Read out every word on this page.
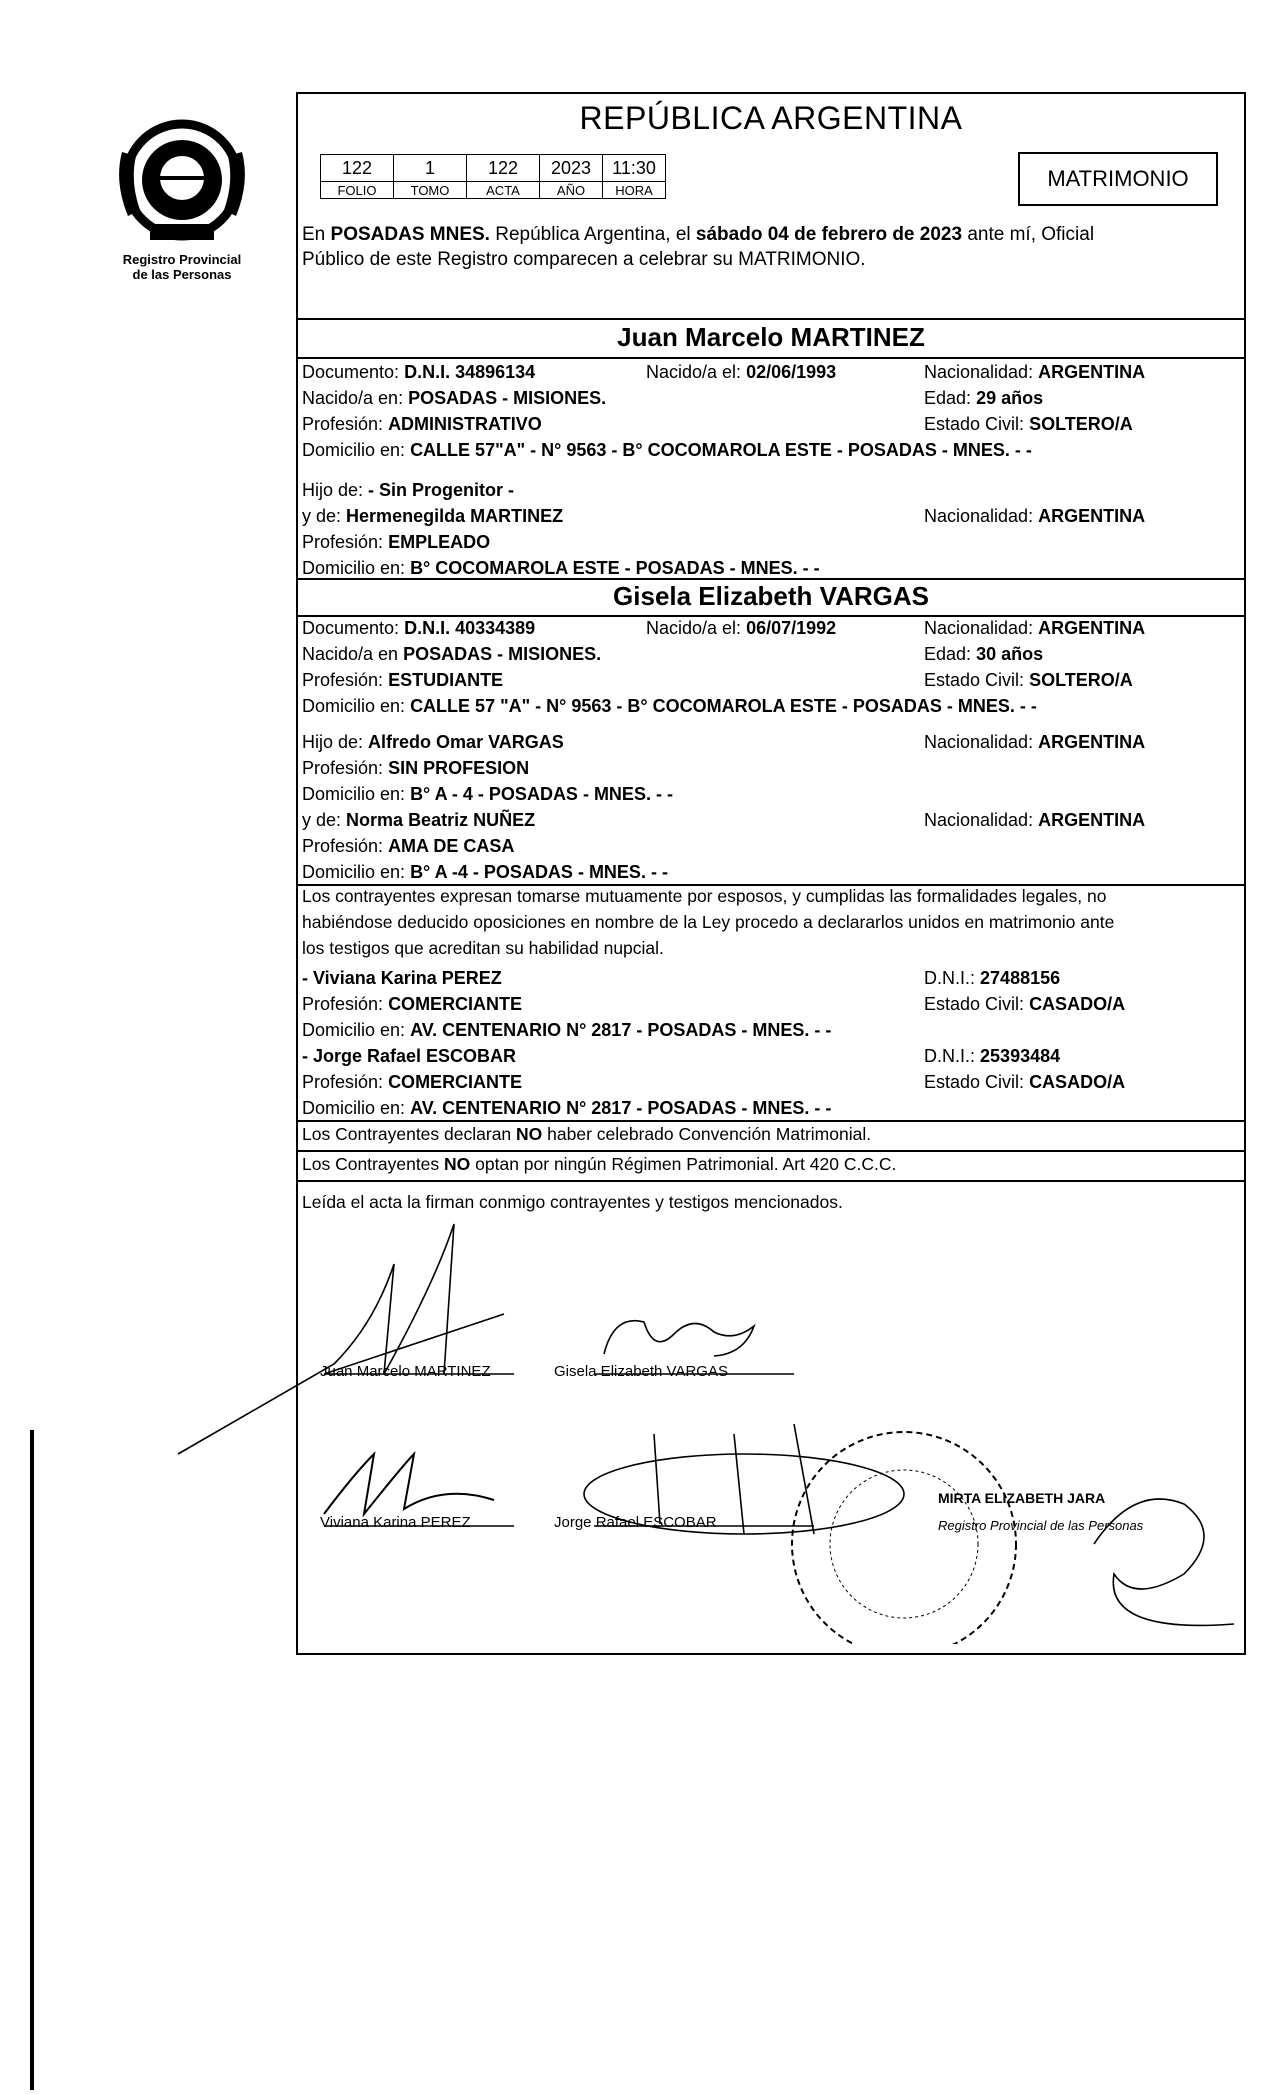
Registro Provincial
de las Personas
REPÚBLICA ARGENTINA
122	1	122	2023	11:30
FOLIO	TOMO	ACTA	AÑO	HORA	MATRIMONIO
En POSADAS MNES. República Argentina, el sábado 04 de febrero de 2023 ante mí, Oficial
Público de este Registro comparecen a celebrar su MATRIMONIO.
Juan Marcelo MARTINEZ
Documento: D.N.I. 34896134	Nacido/a el: 02/06/1993	Nacionalidad: ARGENTINA
Nacido/a en: POSADAS - MISIONES.	Edad: 29 años
Profesión: ADMINISTRATIVO	Estado Civil: SOLTERO/A
Domicilio en: CALLE 57"A" - N° 9563 - B° COCOMAROLA ESTE - POSADAS - MNES. - -
Hijo de: - Sin Progenitor -
y de: Hermenegilda MARTINEZ	Nacionalidad: ARGENTINA
Profesión: EMPLEADO
Domicilio en: B° COCOMAROLA ESTE - POSADAS - MNES. - -
Gisela Elizabeth VARGAS
Documento: D.N.I. 40334389	Nacido/a el: 06/07/1992	Nacionalidad: ARGENTINA
Nacido/a en POSADAS - MISIONES.	Edad: 30 años
Profesión: ESTUDIANTE	Estado Civil: SOLTERO/A
Domicilio en: CALLE 57 "A" - N° 9563 - B° COCOMAROLA ESTE - POSADAS - MNES. - -
Hijo de: Alfredo Omar VARGAS	Nacionalidad: ARGENTINA
Profesión: SIN PROFESION
Domicilio en: B° A - 4 - POSADAS - MNES. - -
y de: Norma Beatriz NUÑEZ	Nacionalidad: ARGENTINA
Profesión: AMA DE CASA
Domicilio en: B° A -4 - POSADAS - MNES. - -
Los contrayentes expresan tomarse mutuamente por esposos, y cumplidas las formalidades legales, no
habiéndose deducido oposiciones en nombre de la Ley procedo a declararlos unidos en matrimonio ante
los testigos que acreditan su habilidad nupcial.
- Viviana Karina PEREZ	D.N.I.: 27488156
Profesión: COMERCIANTE	Estado Civil: CASADO/A
Domicilio en: AV. CENTENARIO N° 2817 - POSADAS - MNES. - -
- Jorge Rafael ESCOBAR	D.N.I.: 25393484
Profesión: COMERCIANTE	Estado Civil: CASADO/A
Domicilio en: AV. CENTENARIO N° 2817 - POSADAS - MNES. - -
Los Contrayentes declaran NO haber celebrado Convención Matrimonial.
Los Contrayentes NO optan por ningún Régimen Patrimonial. Art 420 C.C.C.
Leída el acta la firman conmigo contrayentes y testigos mencionados.
Juan Marcelo MARTINEZ	Gisela Elizabeth VARGAS
Viviana Karina PEREZ	Jorge Rafael ESCOBAR
MIRTA ELIZABETH JARA
Registro Provincial de las Personas
